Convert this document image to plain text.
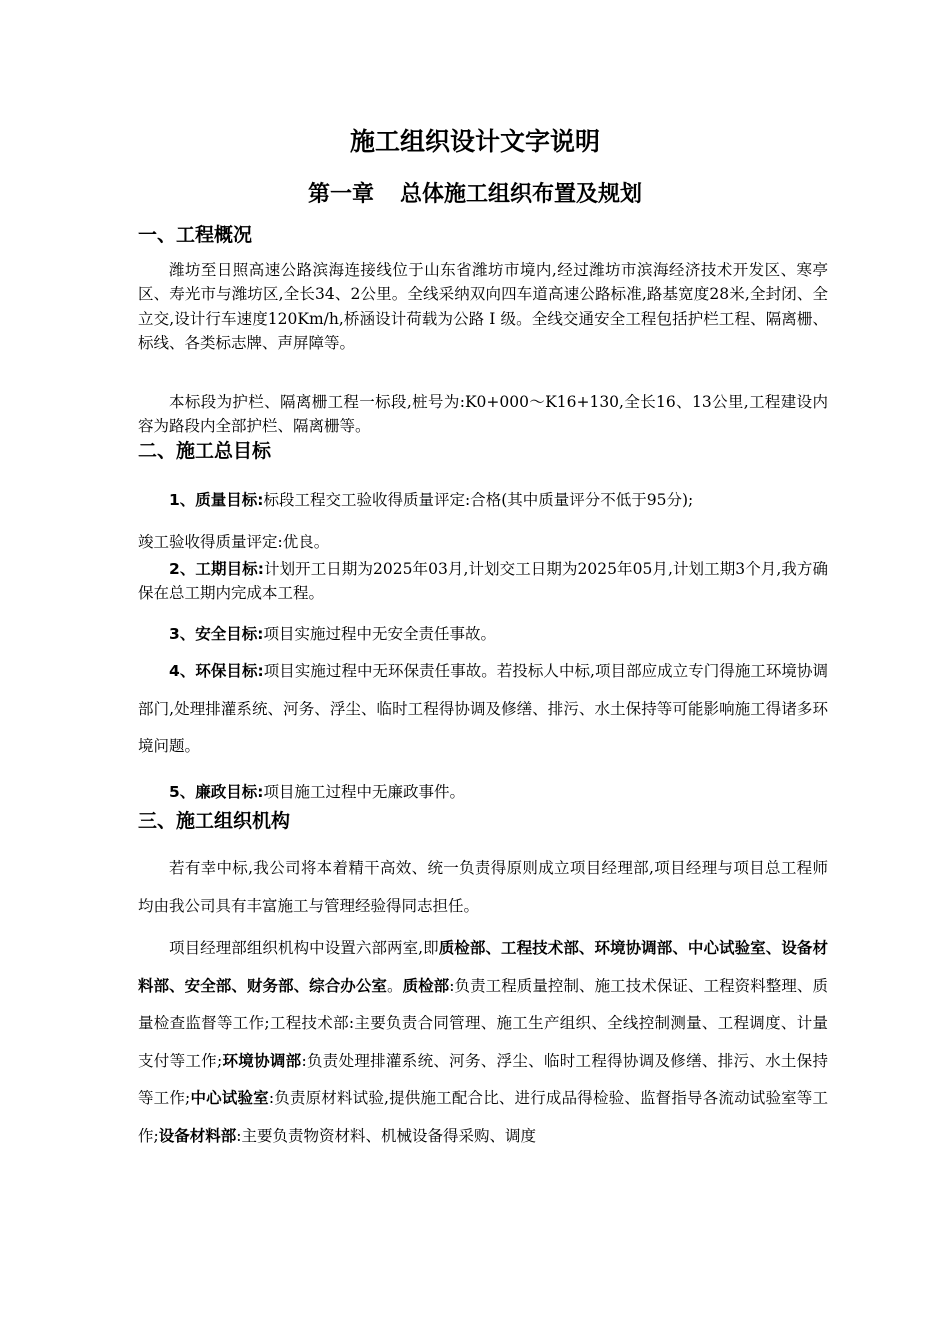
施工组织设计文字说明
第一章 总体施工组织布置及规划
一、工程概况

潍坊至日照高速公路滨海连接线位于山东省潍坊市境内,经过潍坊市滨海经济技术开发区、寒亭区、寿光市与潍坊区,全长34、2公里。全线采纳双向四车道高速公路标准,路基宽度28米,全封闭、全立交,设计行车速度120Km/h,桥涵设计荷载为公路 Ⅰ 级。全线交通安全工程包括护栏工程、隔离栅、标线、各类标志牌、声屏障等。

本标段为护栏、隔离栅工程一标段,桩号为:K0+000～K16+130,全长16、13公里,工程建设内容为路段内全部护栏、隔离栅等。

二、施工总目标

1、质量目标:标段工程交工验收得质量评定:合格(其中质量评分不低于95分);

竣工验收得质量评定:优良。

2、工期目标:计划开工日期为2025年03月,计划交工日期为2025年05月,计划工期3个月,我方确保在总工期内完成本工程。

3、安全目标:项目实施过程中无安全责任事故。

4、环保目标:项目实施过程中无环保责任事故。若投标人中标,项目部应成立专门得施工环境协调部门,处理排灌系统、河务、浮尘、临时工程得协调及修缮、排污、水土保持等可能影响施工得诸多环境问题。

5、廉政目标:项目施工过程中无廉政事件。

三、施工组织机构

若有幸中标,我公司将本着精干高效、统一负责得原则成立项目经理部,项目经理与项目总工程师均由我公司具有丰富施工与管理经验得同志担任。

项目经理部组织机构中设置六部两室,即质检部、工程技术部、环境协调部、中心试验室、设备材料部、安全部、财务部、综合办公室。质检部:负责工程质量控制、施工技术保证、工程资料整理、质量检查监督等工作;工程技术部:主要负责合同管理、施工生产组织、全线控制测量、工程调度、计量支付等工作;环境协调部:负责处理排灌系统、河务、浮尘、临时工程得协调及修缮、排污、水土保持等工作;中心试验室:负责原材料试验,提供施工配合比、进行成品得检验、监督指导各流动试验室等工作;设备材料部:主要负责物资材料、机械设备得采购、调度
